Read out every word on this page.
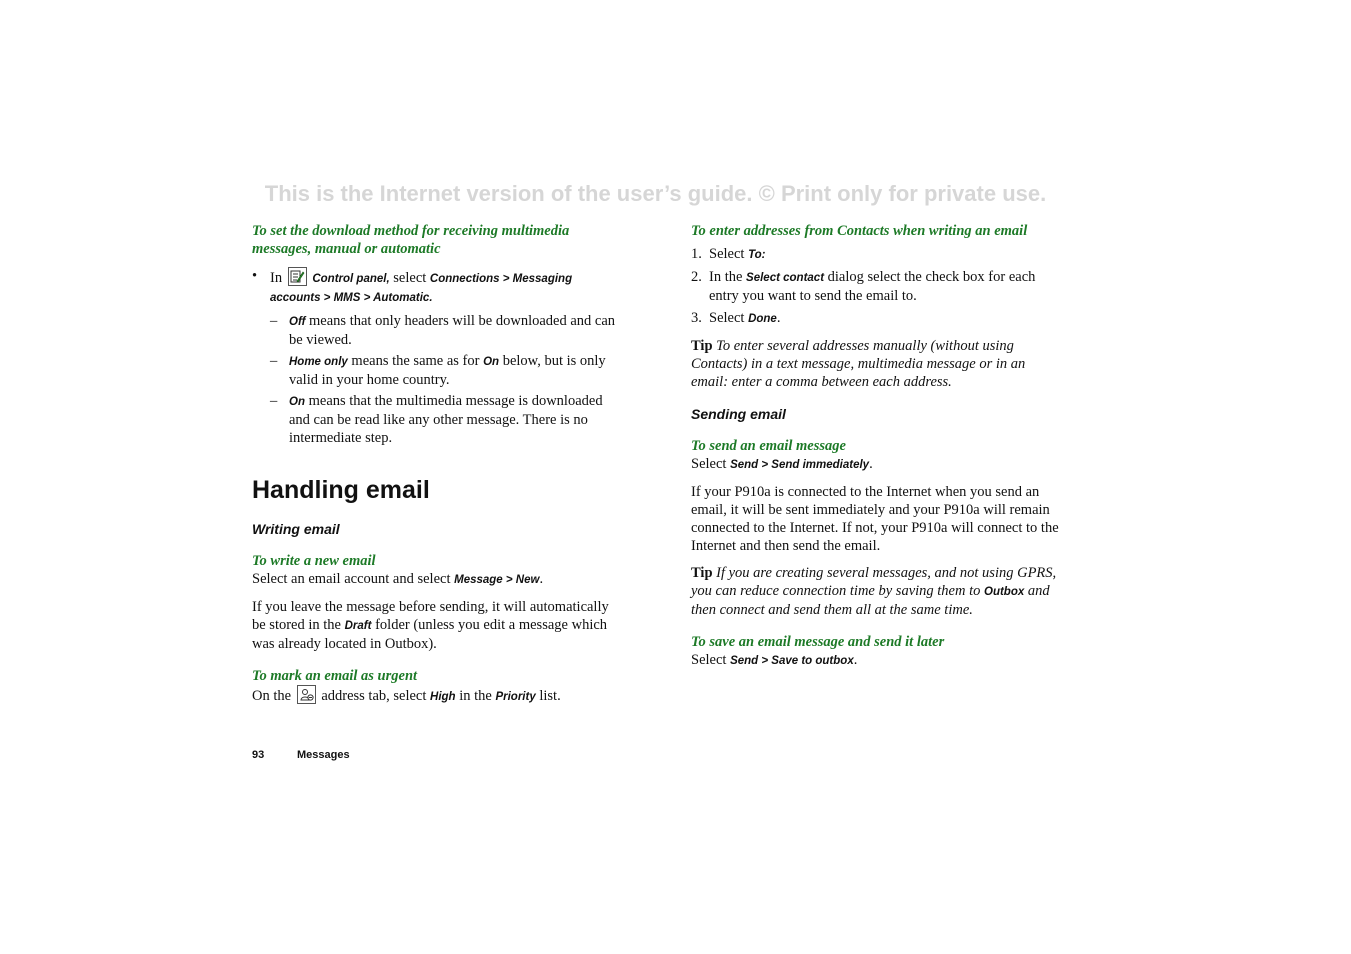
This is the Internet version of the user’s guide. © Print only for private use.

To set the download method for receiving multimedia messages, manual or automatic

• In
Control panel, select Connections > Messaging accounts > MMS > Automatic.
– Off means that only headers will be downloaded and can be viewed.
– Home only means the same as for On below, but is only valid in your home country.
– On means that the multimedia message is downloaded and can be read like any other message. There is no intermediate step.
Handling email
Writing email

To write a new email

Select an email account and select Message > New.

If you leave the message before sending, it will automatically be stored in the Draft folder (unless you edit a message which was already located in Outbox).

To mark an email as urgent

On the
address tab, select High in the Priority list.

To enter addresses from Contacts when writing an email

1. Select To:
2. In the Select contact dialog select the check box for each entry you want to send the email to.
3. Select Done.

Tip To enter several addresses manually (without using Contacts) in a text message, multimedia message or in an email: enter a comma between each address.

Sending email

To send an email message

Select Send > Send immediately.

If your P910a is connected to the Internet when you send an email, it will be sent immediately and your P910a will remain connected to the Internet. If not, your P910a will connect to the Internet and then send the email.

Tip If you are creating several messages, and not using GPRS, you can reduce connection time by saving them to Outbox and then connect and send them all at the same time.

To save an email message and send it later

Select Send > Save to outbox.

93	Messages
